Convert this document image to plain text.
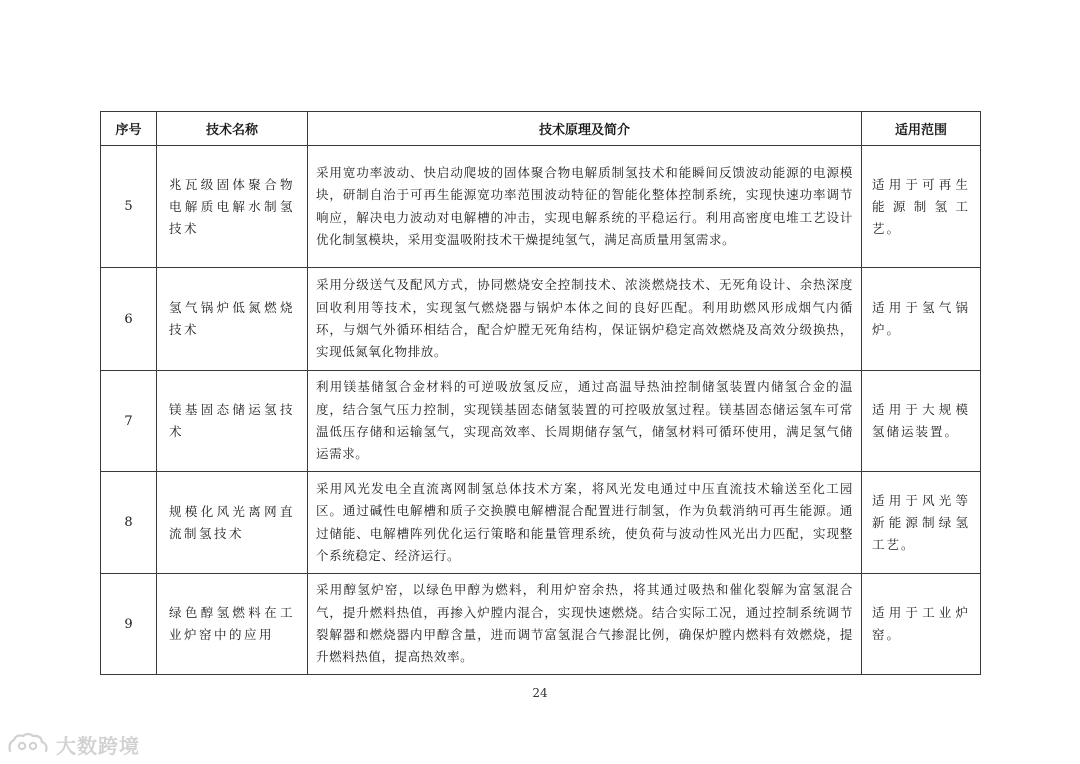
序号	技术名称	技术原理及简介	适用范围
5	兆瓦级固体聚合物电解质电解水制氢技术	采用宽功率波动、快启动爬坡的固体聚合物电解质制氢技术和能瞬间反馈波动能源的电源模块，研制自治于可再生能源宽功率范围波动特征的智能化整体控制系统，实现快速功率调节响应，解决电力波动对电解槽的冲击，实现电解系统的平稳运行。利用高密度电堆工艺设计优化制氢模块，采用变温吸附技术干燥提纯氢气，满足高质量用氢需求。	适用于可再生能源制氢工艺。
6	氢气锅炉低氮燃烧技术	采用分级送气及配风方式，协同燃烧安全控制技术、浓淡燃烧技术、无死角设计、余热深度回收利用等技术，实现氢气燃烧器与锅炉本体之间的良好匹配。利用助燃风形成烟气内循环，与烟气外循环相结合，配合炉膛无死角结构，保证锅炉稳定高效燃烧及高效分级换热，实现低氮氧化物排放。	适用于氢气锅炉。
7	镁基固态储运氢技术	利用镁基储氢合金材料的可逆吸放氢反应，通过高温导热油控制储氢装置内储氢合金的温度，结合氢气压力控制，实现镁基固态储氢装置的可控吸放氢过程。镁基固态储运氢车可常温低压存储和运输氢气，实现高效率、长周期储存氢气，储氢材料可循环使用，满足氢气储运需求。	适用于大规模氢储运装置。
8	规模化风光离网直流制氢技术	采用风光发电全直流离网制氢总体技术方案，将风光发电通过中压直流技术输送至化工园区。通过碱性电解槽和质子交换膜电解槽混合配置进行制氢，作为负载消纳可再生能源。通过储能、电解槽阵列优化运行策略和能量管理系统，使负荷与波动性风光出力匹配，实现整个系统稳定、经济运行。	适用于风光等新能源制绿氢工艺。
9	绿色醇氢燃料在工业炉窑中的应用	采用醇氢炉窑，以绿色甲醇为燃料，利用炉窑余热，将其通过吸热和催化裂解为富氢混合气，提升燃料热值，再掺入炉膛内混合，实现快速燃烧。结合实际工况，通过控制系统调节裂解器和燃烧器内甲醇含量，进而调节富氢混合气掺混比例，确保炉膛内燃料有效燃烧，提升燃料热值，提高热效率。	适用于工业炉窑。
24
大数跨境
